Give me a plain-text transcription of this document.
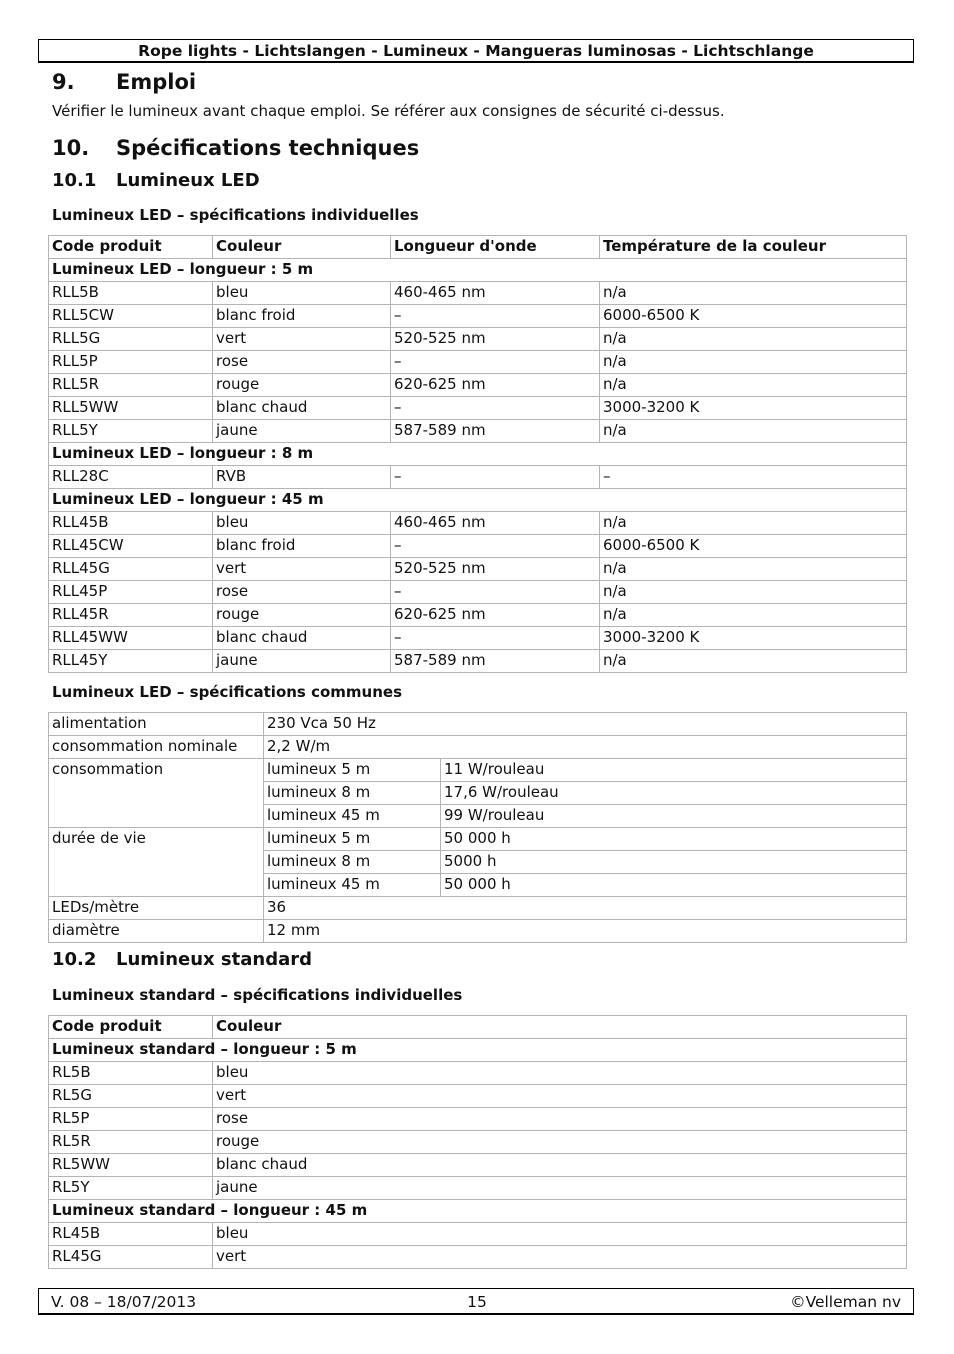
Rope lights - Lichtslangen - Lumineux - Mangueras luminosas - Lichtschlange
9. Emploi
Vérifier le lumineux avant chaque emploi. Se référer aux consignes de sécurité ci-dessus.
10. Spécifications techniques
10.1 Lumineux LED
Lumineux LED – spécifications individuelles
Code produit	Couleur	Longueur d'onde	Température de la couleur
Lumineux LED – longueur : 5 m			
RLL5B	bleu	460-465 nm	n/a
RLL5CW	blanc froid	–	6000-6500 K
RLL5G	vert	520-525 nm	n/a
RLL5P	rose	–	n/a
RLL5R	rouge	620-625 nm	n/a
RLL5WW	blanc chaud	–	3000-3200 K
RLL5Y	jaune	587-589 nm	n/a
Lumineux LED – longueur : 8 m			
RLL28C	RVB	–	–
Lumineux LED – longueur : 45 m			
RLL45B	bleu	460-465 nm	n/a
RLL45CW	blanc froid	–	6000-6500 K
RLL45G	vert	520-525 nm	n/a
RLL45P	rose	–	n/a
RLL45R	rouge	620-625 nm	n/a
RLL45WW	blanc chaud	–	3000-3200 K
RLL45Y	jaune	587-589 nm	n/a
Lumineux LED – spécifications communes
alimentation	230 Vca 50 Hz	
consommation nominale	2,2 W/m	
consommation	lumineux 5 m	11 W/rouleau
	lumineux 8 m	17,6 W/rouleau
	lumineux 45 m	99 W/rouleau
durée de vie	lumineux 5 m	50 000 h
	lumineux 8 m	5000 h
	lumineux 45 m	50 000 h
LEDs/mètre	36	
diamètre	12 mm	
10.2 Lumineux standard
Lumineux standard – spécifications individuelles
Code produit	Couleur
Lumineux standard – longueur : 5 m	
RL5B	bleu
RL5G	vert
RL5P	rose
RL5R	rouge
RL5WW	blanc chaud
RL5Y	jaune
Lumineux standard – longueur : 45 m	
RL45B	bleu
RL45G	vert
V. 08 – 18/07/2013	15	©Velleman nv
